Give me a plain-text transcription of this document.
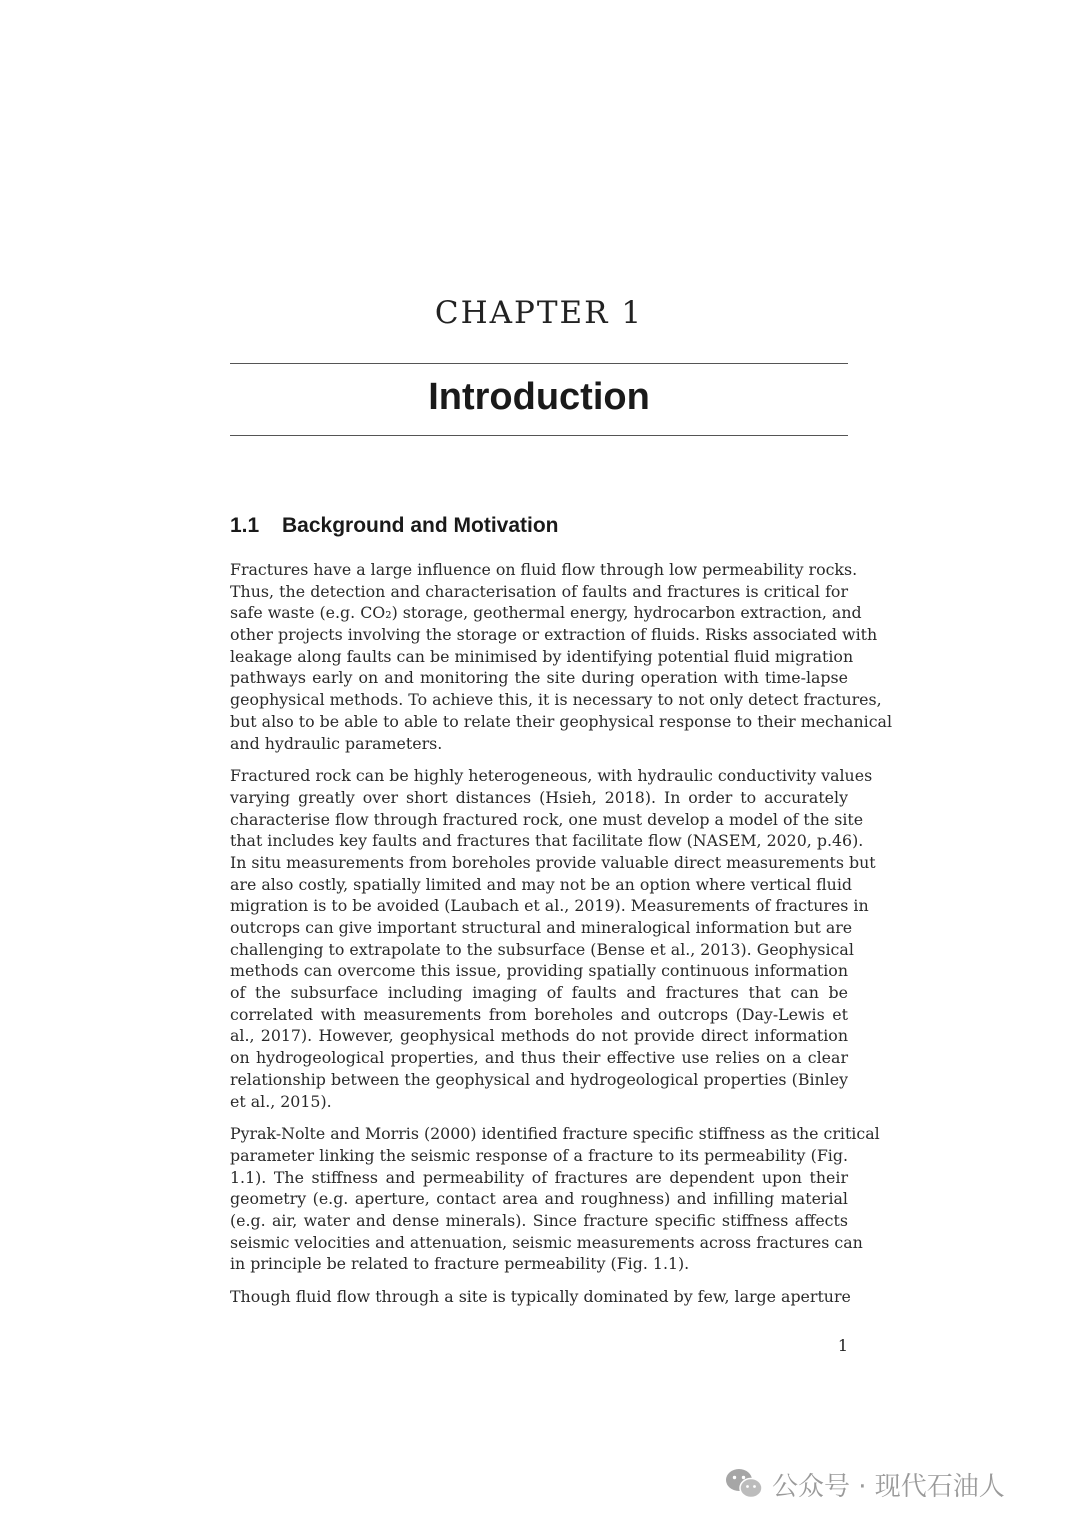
CHAPTER 1
Introduction
1.1 Background and Motivation
Fractures have a large influence on fluid flow through low permeability rocks.
Thus, the detection and characterisation of faults and fractures is critical for
safe waste (e.g. CO₂) storage, geothermal energy, hydrocarbon extraction, and
other projects involving the storage or extraction of fluids. Risks associated with
leakage along faults can be minimised by identifying potential fluid migration
pathways early on and monitoring the site during operation with time-lapse
geophysical methods. To achieve this, it is necessary to not only detect fractures,
but also to be able to able to relate their geophysical response to their mechanical
and hydraulic parameters.
Fractured rock can be highly heterogeneous, with hydraulic conductivity values
varying greatly over short distances (Hsieh, 2018). In order to accurately
characterise flow through fractured rock, one must develop a model of the site
that includes key faults and fractures that facilitate flow (NASEM, 2020, p.46).
In situ measurements from boreholes provide valuable direct measurements but
are also costly, spatially limited and may not be an option where vertical fluid
migration is to be avoided (Laubach et al., 2019). Measurements of fractures in
outcrops can give important structural and mineralogical information but are
challenging to extrapolate to the subsurface (Bense et al., 2013). Geophysical
methods can overcome this issue, providing spatially continuous information
of the subsurface including imaging of faults and fractures that can be
correlated with measurements from boreholes and outcrops (Day-Lewis et
al., 2017). However, geophysical methods do not provide direct information
on hydrogeological properties, and thus their effective use relies on a clear
relationship between the geophysical and hydrogeological properties (Binley
et al., 2015).
Pyrak-Nolte and Morris (2000) identified fracture specific stiffness as the critical
parameter linking the seismic response of a fracture to its permeability (Fig.
1.1). The stiffness and permeability of fractures are dependent upon their
geometry (e.g. aperture, contact area and roughness) and infilling material
(e.g. air, water and dense minerals). Since fracture specific stiffness affects
seismic velocities and attenuation, seismic measurements across fractures can
in principle be related to fracture permeability (Fig. 1.1).
Though fluid flow through a site is typically dominated by few, large aperture
1
公众号 · 现代石油人
